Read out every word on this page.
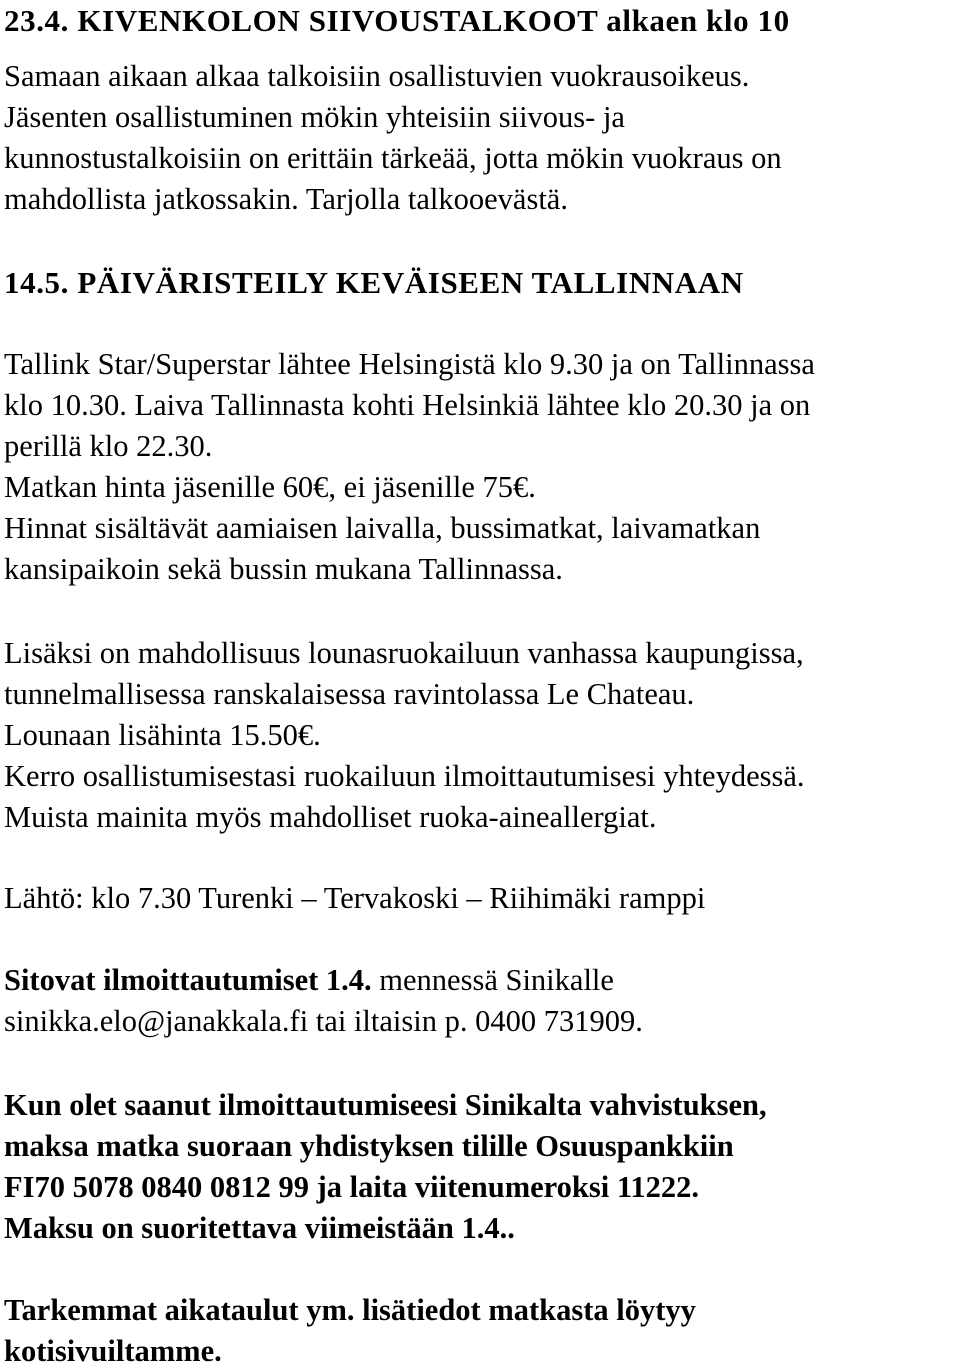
23.4. KIVENKOLON SIIVOUSTALKOOT alkaen klo 10
Samaan aikaan alkaa talkoisiin osallistuvien vuokrausoikeus.
Jäsenten osallistuminen mökin yhteisiin siivous- ja
kunnostustalkoisiin on erittäin tärkeää, jotta mökin vuokraus on
mahdollista jatkossakin. Tarjolla talkooevästä.
14.5. PÄIVÄRISTEILY KEVÄISEEN TALLINNAAN
Tallink Star/Superstar lähtee Helsingistä klo 9.30 ja on Tallinnassa
klo 10.30. Laiva Tallinnasta kohti Helsinkiä lähtee klo 20.30 ja on
perillä klo 22.30.
Matkan hinta jäsenille 60€, ei jäsenille 75€.
Hinnat sisältävät aamiaisen laivalla, bussimatkat, laivamatkan
kansipaikoin sekä bussin mukana Tallinnassa.
Lisäksi on mahdollisuus lounasruokailuun vanhassa kaupungissa,
tunnelmallisessa ranskalaisessa ravintolassa Le Chateau.
Lounaan lisähinta 15.50€.
Kerro osallistumisestasi ruokailuun ilmoittautumisesi yhteydessä.
Muista mainita myös mahdolliset ruoka-aineallergiat.
Lähtö: klo 7.30 Turenki – Tervakoski – Riihimäki ramppi
Sitovat ilmoittautumiset 1.4. mennessä Sinikalle
sinikka.elo@janakkala.fi tai iltaisin p. 0400 731909.
Kun olet saanut ilmoittautumiseesi Sinikalta vahvistuksen,
maksa matka suoraan yhdistyksen tilille Osuuspankkiin
FI70 5078 0840 0812 99 ja laita viitenumeroksi 11222.
Maksu on suoritettava viimeistään 1.4..
Tarkemmat aikataulut ym. lisätiedot matkasta löytyy
kotisivuiltamme.
